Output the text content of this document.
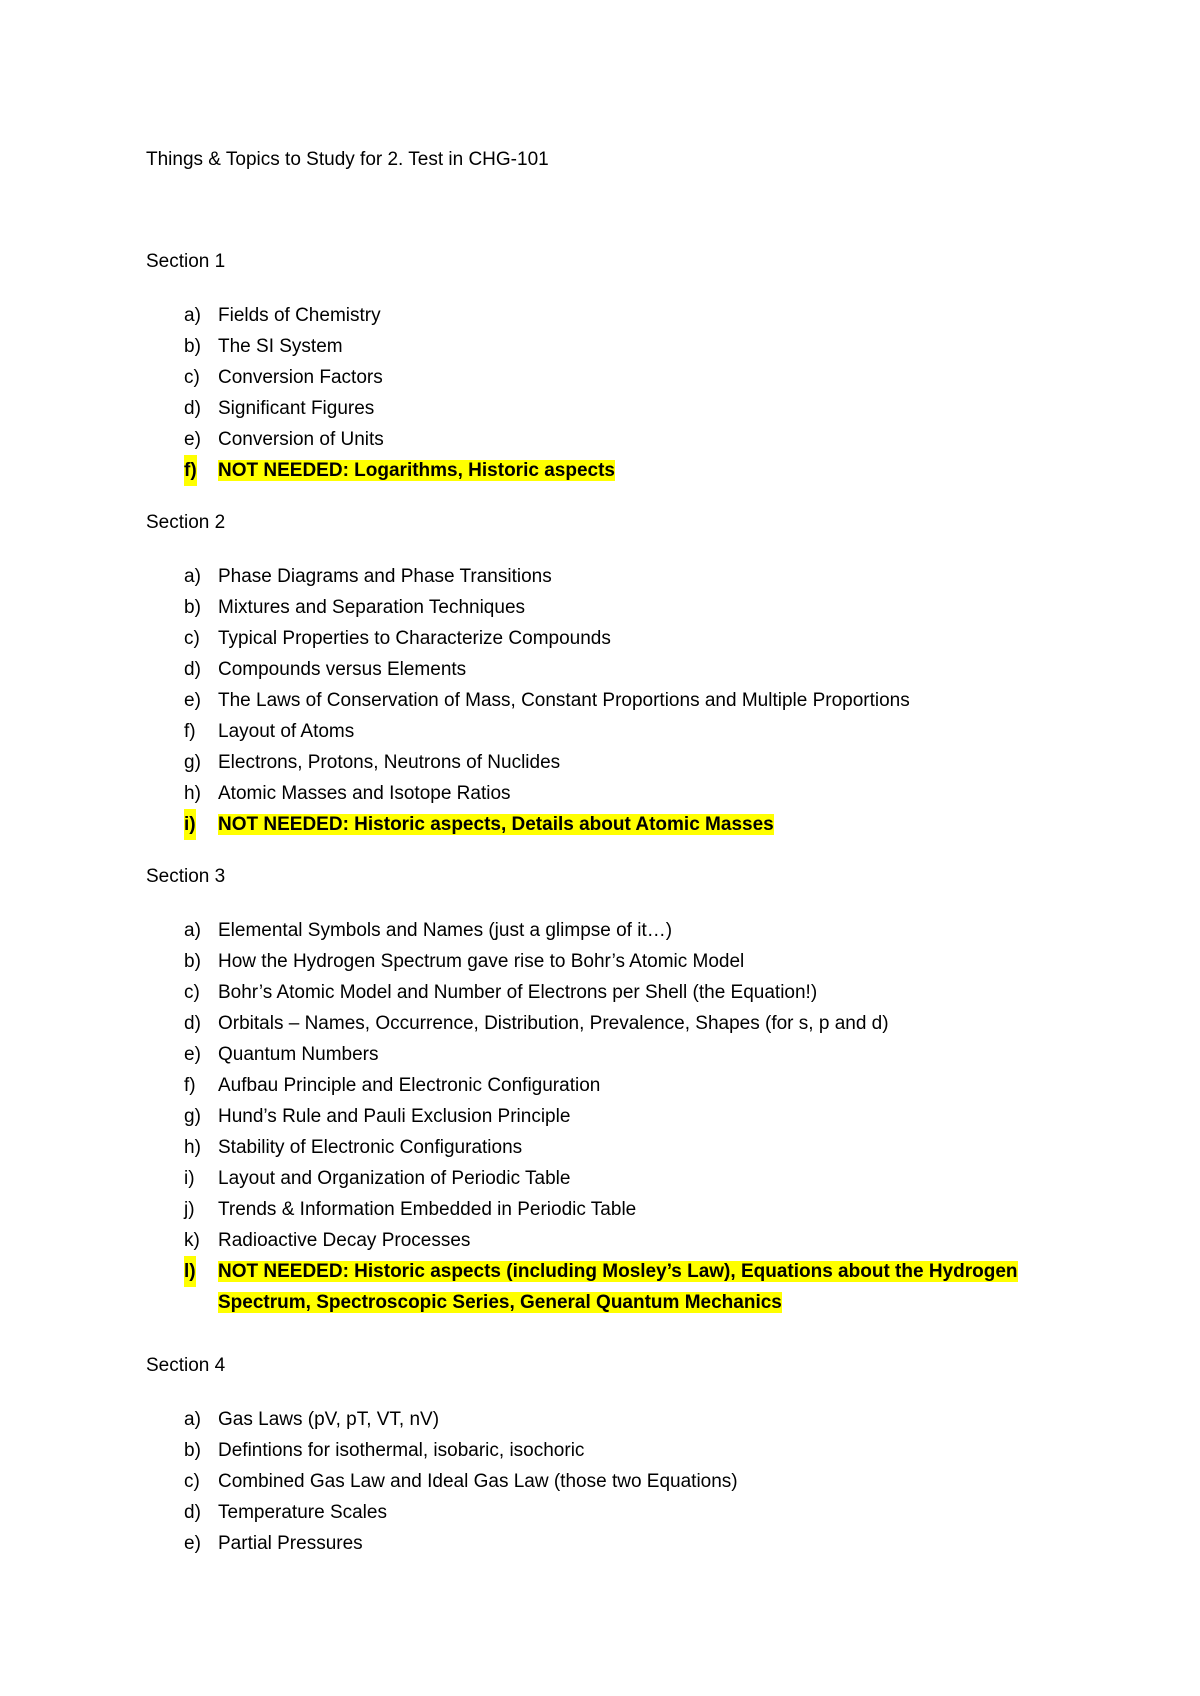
Things & Topics to Study for 2. Test in CHG-101
Section 1
a) Fields of Chemistry
b) The SI System
c) Conversion Factors
d) Significant Figures
e) Conversion of Units
f) NOT NEEDED: Logarithms, Historic aspects
Section 2
a) Phase Diagrams and Phase Transitions
b) Mixtures and Separation Techniques
c) Typical Properties to Characterize Compounds
d) Compounds versus Elements
e) The Laws of Conservation of Mass, Constant Proportions and Multiple Proportions
f) Layout of Atoms
g) Electrons, Protons, Neutrons of Nuclides
h) Atomic Masses and Isotope Ratios
i) NOT NEEDED: Historic aspects, Details about Atomic Masses
Section 3
a) Elemental Symbols and Names (just a glimpse of it…)
b) How the Hydrogen Spectrum gave rise to Bohr’s Atomic Model
c) Bohr’s Atomic Model and Number of Electrons per Shell (the Equation!)
d) Orbitals – Names, Occurrence, Distribution, Prevalence, Shapes (for s, p and d)
e) Quantum Numbers
f) Aufbau Principle and Electronic Configuration
g) Hund’s Rule and Pauli Exclusion Principle
h) Stability of Electronic Configurations
i) Layout and Organization of Periodic Table
j) Trends & Information Embedded in Periodic Table
k) Radioactive Decay Processes
l) NOT NEEDED: Historic aspects (including Mosley’s Law), Equations about the Hydrogen Spectrum, Spectroscopic Series, General Quantum Mechanics
Section 4
a) Gas Laws (pV, pT, VT, nV)
b) Defintions for isothermal, isobaric, isochoric
c) Combined Gas Law and Ideal Gas Law (those two Equations)
d) Temperature Scales
e) Partial Pressures
